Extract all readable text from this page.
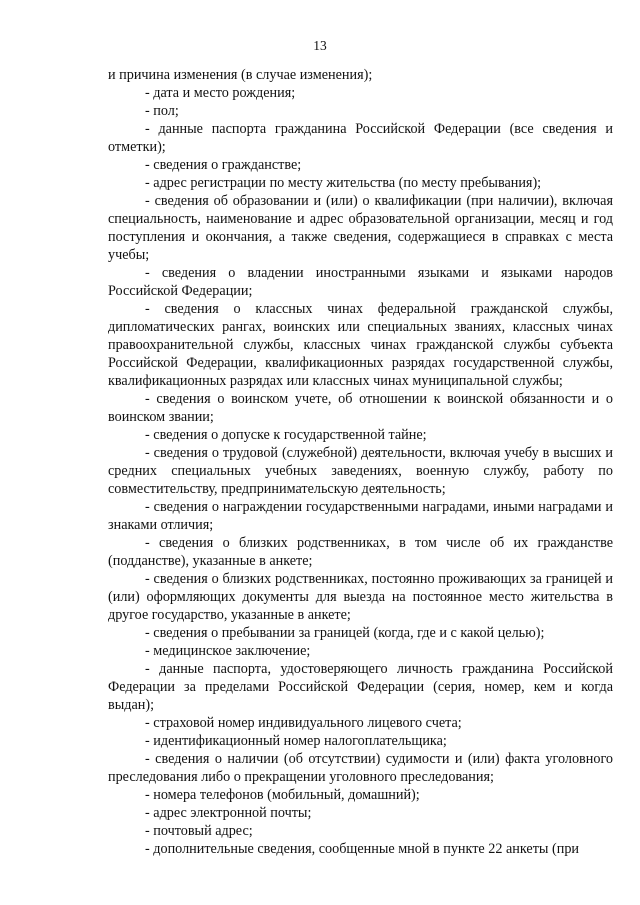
13

и причина изменения (в случае изменения);

- дата и место рождения;

- пол;

- данные паспорта гражданина Российской Федерации (все сведения и отметки);

- сведения о гражданстве;

- адрес регистрации по месту жительства (по месту пребывания);

- сведения об образовании и (или) о квалификации (при наличии), включая специальность, наименование и адрес образовательной организации, месяц и год поступления и окончания, а также сведения, содержащиеся в справках с места учебы;

- сведения о владении иностранными языками и языками народов Российской Федерации;

- сведения о классных чинах федеральной гражданской службы, дипломатических рангах, воинских или специальных званиях, классных чинах правоохранительной службы, классных чинах гражданской службы субъекта Российской Федерации, квалификационных разрядах государственной службы, квалификационных разрядах или классных чинах муниципальной службы;

- сведения о воинском учете, об отношении к воинской обязанности и о воинском звании;

- сведения о допуске к государственной тайне;

- сведения о трудовой (служебной) деятельности, включая учебу в высших и средних специальных учебных заведениях, военную службу, работу по совместительству, предпринимательскую деятельность;

- сведения о награждении государственными наградами, иными наградами и знаками отличия;

- сведения о близких родственниках, в том числе об их гражданстве (подданстве), указанные в анкете;

- сведения о близких родственниках, постоянно проживающих за границей и (или) оформляющих документы для выезда на постоянное место жительства в другое государство, указанные в анкете;

- сведения о пребывании за границей (когда, где и с какой целью);

- медицинское заключение;

- данные паспорта, удостоверяющего личность гражданина Российской Федерации за пределами Российской Федерации (серия, номер, кем и когда выдан);

- страховой номер индивидуального лицевого счета;

- идентификационный номер налогоплательщика;

- сведения о наличии (об отсутствии) судимости и (или) факта уголовного преследования либо о прекращении уголовного преследования;

- номера телефонов (мобильный, домашний);

- адрес электронной почты;

- почтовый адрес;

- дополнительные сведения, сообщенные мной в пункте 22 анкеты (при
